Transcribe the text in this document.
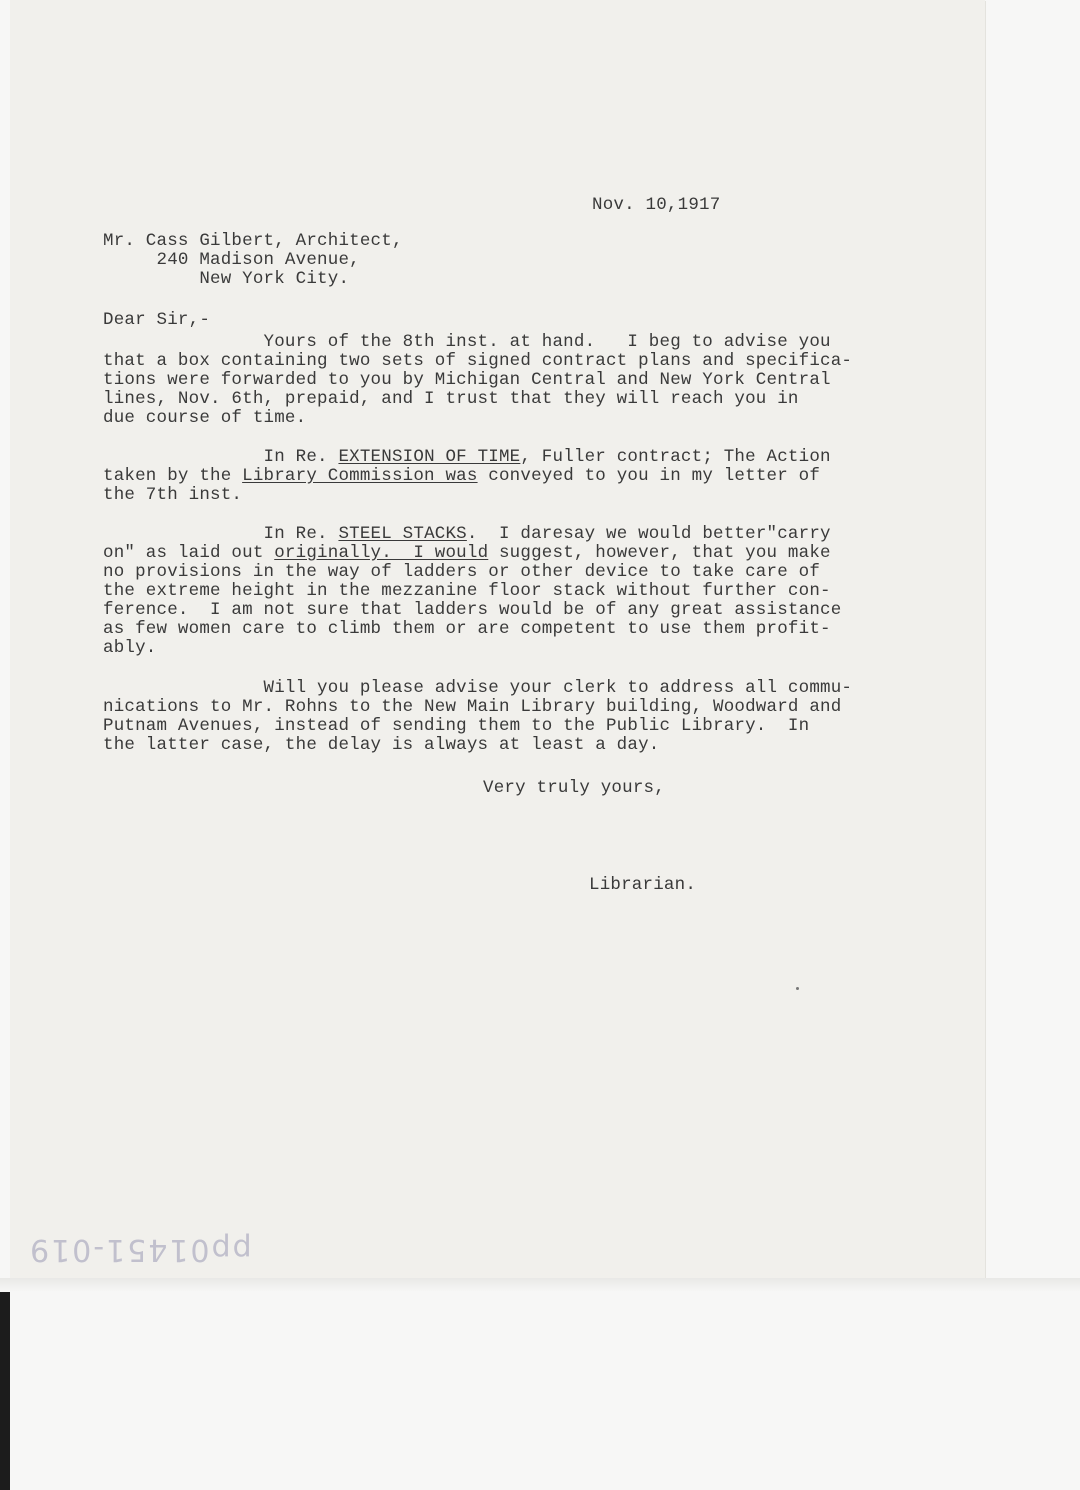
Nov. 10,1917
Mr. Cass Gilbert, Architect,
240 Madison Avenue,
New York City.
Dear Sir,-
Yours of the 8th inst. at hand.   I beg to advise you
that a box containing two sets of signed contract plans and specifica-
tions were forwarded to you by Michigan Central and New York Central
lines, Nov. 6th, prepaid, and I trust that they will reach you in
due course of time.
In Re. EXTENSION OF TIME, Fuller contract; The Action
taken by the Library Commission was conveyed to you in my letter of
the 7th inst.
In Re. STEEL STACKS.  I daresay we would better"carry
on" as laid out originally.  I would suggest, however, that you make
no provisions in the way of ladders or other device to take care of
the extreme height in the mezzanine floor stack without further con-
ference.  I am not sure that ladders would be of any great assistance
as few women care to climb them or are competent to use them profit-
ably.
Will you please advise your clerk to address all commu-
nications to Mr. Rohns to the New Main Library building, Woodward and
Putnam Avenues, instead of sending them to the Public Library.  In
the latter case, the delay is always at least a day.
Very truly yours,
Librarian.
pp01451-019
